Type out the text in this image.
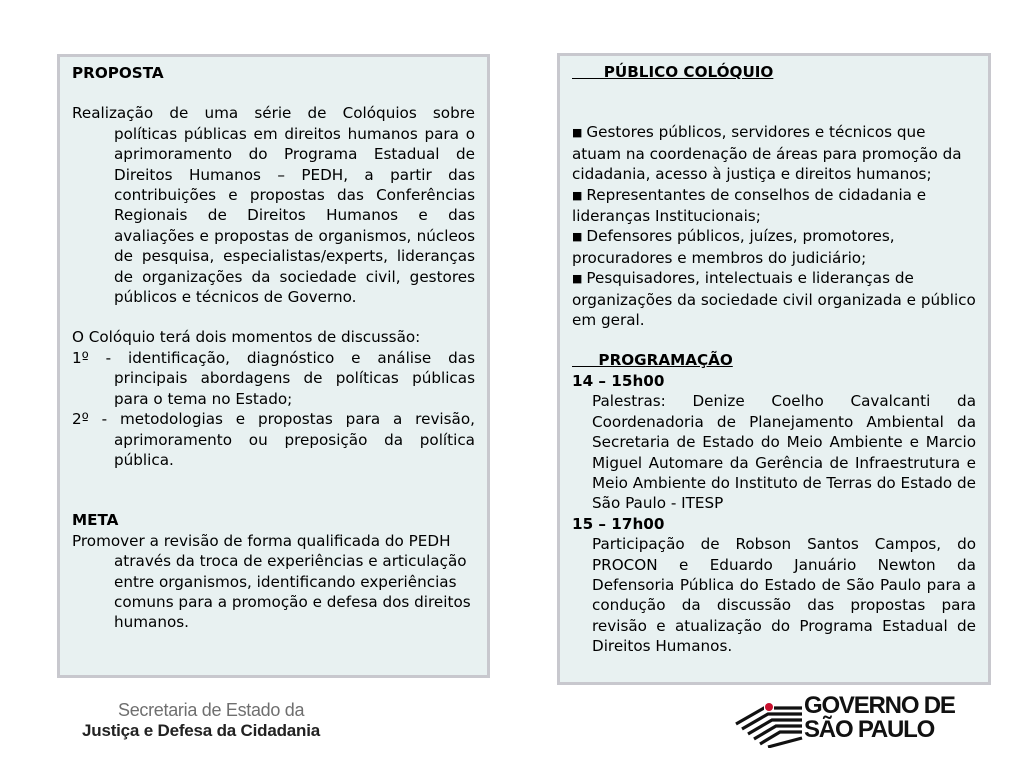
PROPOSTA

Realização de uma série de Colóquios sobre políticas públicas em direitos humanos para o aprimoramento do Programa Estadual de Direitos Humanos – PEDH, a partir das contribuições e propostas das Conferências Regionais de Direitos Humanos e das avaliações e propostas de organismos, núcleos de pesquisa, especialistas/experts, lideranças de organizações da sociedade civil, gestores públicos e técnicos de Governo.

O Colóquio terá dois momentos de discussão:

1º - identificação, diagnóstico e análise das principais abordagens de políticas públicas para o tema no Estado;

2º - metodologias e propostas para a revisão, aprimoramento ou preposição da política pública.

META

Promover a revisão de forma qualificada do PEDH através da troca de experiências e articulação entre organismos, identificando experiências comuns para a promoção e defesa dos direitos humanos.

PÚBLICO COLÓQUIO

■ Gestores públicos, servidores e técnicos que atuam na coordenação de áreas para promoção da cidadania, acesso à justiça e direitos humanos;

■ Representantes de conselhos de cidadania e lideranças Institucionais;

■ Defensores públicos, juízes, promotores, procuradores e membros do judiciário;

■ Pesquisadores, intelectuais e lideranças de organizações da sociedade civil organizada e público em geral.

PROGRAMAÇÃO

14 – 15h00

Palestras: Denize Coelho Cavalcanti da Coordenadoria de Planejamento Ambiental da Secretaria de Estado do Meio Ambiente e Marcio Miguel Automare da Gerência de Infraestrutura e Meio Ambiente do Instituto de Terras do Estado de São Paulo - ITESP

15 – 17h00

Participação de Robson Santos Campos, do PROCON e Eduardo Januário Newton da Defensoria Pública do Estado de São Paulo para a condução da discussão das propostas para revisão e atualização do Programa Estadual de Direitos Humanos.

Secretaria de Estado da
Justiça e Defesa da Cidadania
GOVERNO DE
SÃO PAULO
